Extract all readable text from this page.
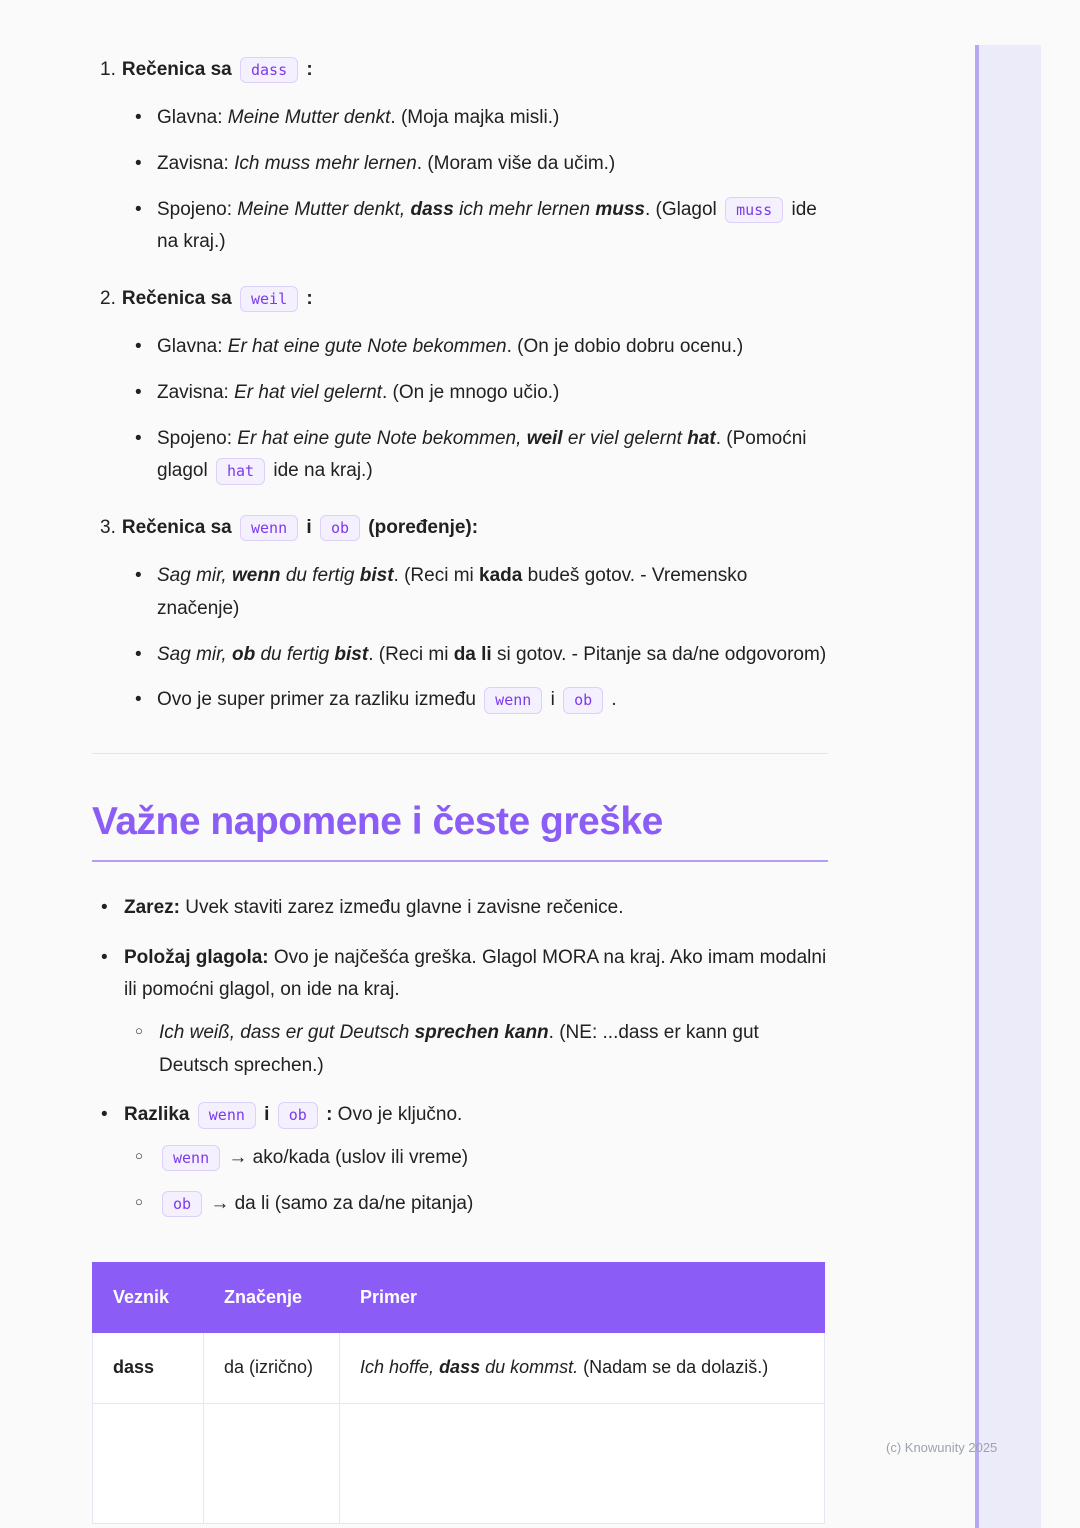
1. Rečenica sa dass :
• Glavna: Meine Mutter denkt. (Moja majka misli.)
• Zavisna: Ich muss mehr lernen. (Moram više da učim.)
• Spojeno: Meine Mutter denkt, dass ich mehr lernen muss. (Glagol muss ide na kraj.)
2. Rečenica sa weil :
• Glavna: Er hat eine gute Note bekommen. (On je dobio dobru ocenu.)
• Zavisna: Er hat viel gelernt. (On je mnogo učio.)
• Spojeno: Er hat eine gute Note bekommen, weil er viel gelernt hat. (Pomoćni glagol hat ide na kraj.)
3. Rečenica sa wenn i ob (poređenje):
• Sag mir, wenn du fertig bist. (Reci mi kada budeš gotov. - Vremensko značenje)
• Sag mir, ob du fertig bist. (Reci mi da li si gotov. - Pitanje sa da/ne odgovorom)
• Ovo je super primer za razliku između wenn i ob .
Važne napomene i česte greške
• Zarez: Uvek staviti zarez između glavne i zavisne rečenice.
• Položaj glagola: Ovo je najčešća greška. Glagol MORA na kraj. Ako imam modalni ili pomoćni glagol, on ide na kraj.
○ Ich weiß, dass er gut Deutsch sprechen kann. (NE: ...dass er kann gut Deutsch sprechen.)
• Razlika wenn i ob : Ovo je ključno.
○ wenn → ako/kada (uslov ili vreme)
○ ob → da li (samo za da/ne pitanja)
Veznik	Značenje	Primer
dass	da (izrično)	Ich hoffe, dass du kommst. (Nadam se da dolaziš.)

(c) Knowunity 2025
